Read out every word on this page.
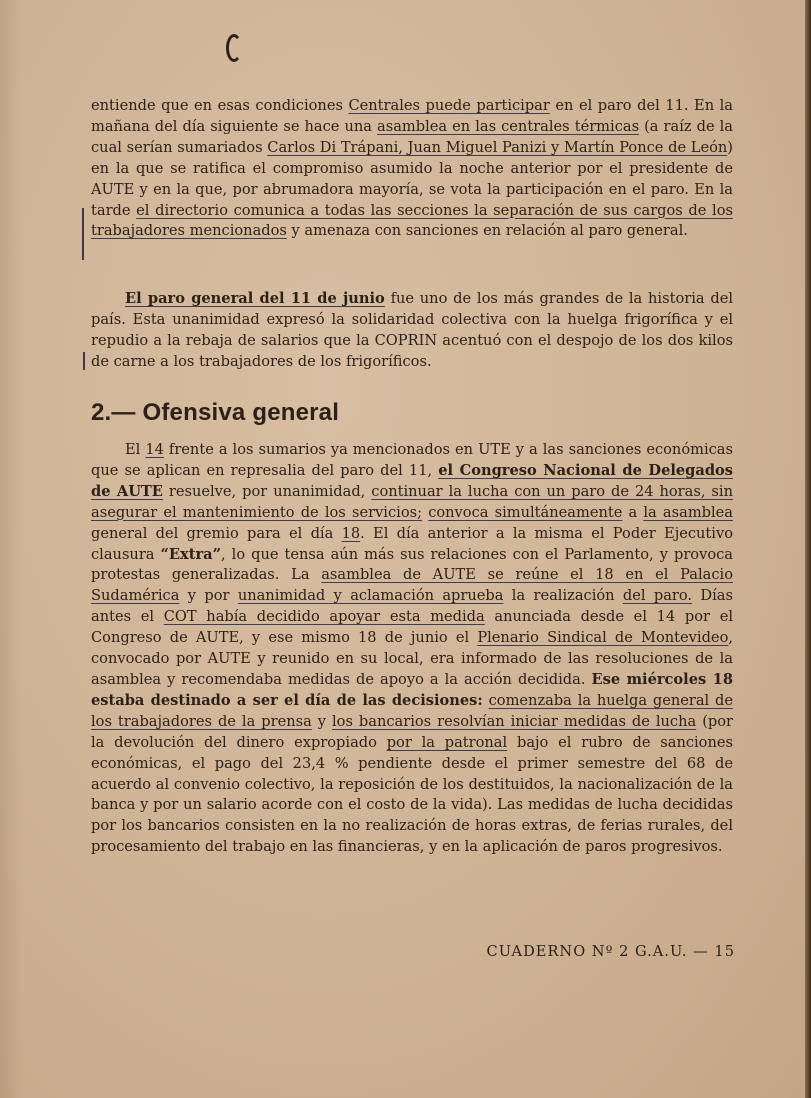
entiende que en esas condiciones Centrales puede participar en el paro del 11. En la mañana del día siguiente se hace una asamblea en las centrales térmicas (a raíz de la cual serían sumariados Carlos Di Trápani, Juan Miguel Panizi y Martín Ponce de León) en la que se ratifica el compromiso asumido la noche anterior por el presidente de AUTE y en la que, por abrumadora mayoría, se vota la participación en el paro. En la tarde el directorio comunica a todas las secciones la separación de sus cargos de los trabajadores mencionados y amenaza con sanciones en relación al paro general.

El paro general del 11 de junio fue uno de los más grandes de la historia del país. Esta unanimidad expresó la solidaridad colectiva con la huelga frigorífica y el repudio a la rebaja de salarios que la COPRIN acentuó con el despojo de los dos kilos de carne a los trabajadores de los frigoríficos.

2.— Ofensiva general

El 14 frente a los sumarios ya mencionados en UTE y a las sanciones económicas que se aplican en represalia del paro del 11, el Congreso Nacional de Delegados de AUTE resuelve, por unanimidad, continuar la lucha con un paro de 24 horas, sin asegurar el mantenimiento de los servicios; convoca simultáneamente a la asamblea general del gremio para el día 18. El día anterior a la misma el Poder Ejecutivo clausura “Extra”, lo que tensa aún más sus relaciones con el Parlamento, y provoca protestas generalizadas. La asamblea de AUTE se reúne el 18 en el Palacio Sudamérica y por unanimidad y aclamación aprueba la realización del paro. Días antes el COT había decidido apoyar esta medida anunciada desde el 14 por el Congreso de AUTE, y ese mismo 18 de junio el Plenario Sindical de Montevideo, convocado por AUTE y reunido en su local, era informado de las resoluciones de la asamblea y recomendaba medidas de apoyo a la acción decidida. Ese miércoles 18 estaba destinado a ser el día de las decisiones: comenzaba la huelga general de los trabajadores de la prensa y los bancarios resolvían iniciar medidas de lucha (por la devolución del dinero expropiado por la patronal bajo el rubro de sanciones económicas, el pago del 23,4 % pendiente desde el primer semestre del 68 de acuerdo al convenio colectivo, la reposición de los destituidos, la nacionalización de la banca y por un salario acorde con el costo de la vida). Las medidas de lucha decididas por los bancarios consisten en la no realización de horas extras, de ferias rurales, del procesamiento del trabajo en las financieras, y en la aplicación de paros progresivos.

CUADERNO Nº 2 G.A.U. — 15
